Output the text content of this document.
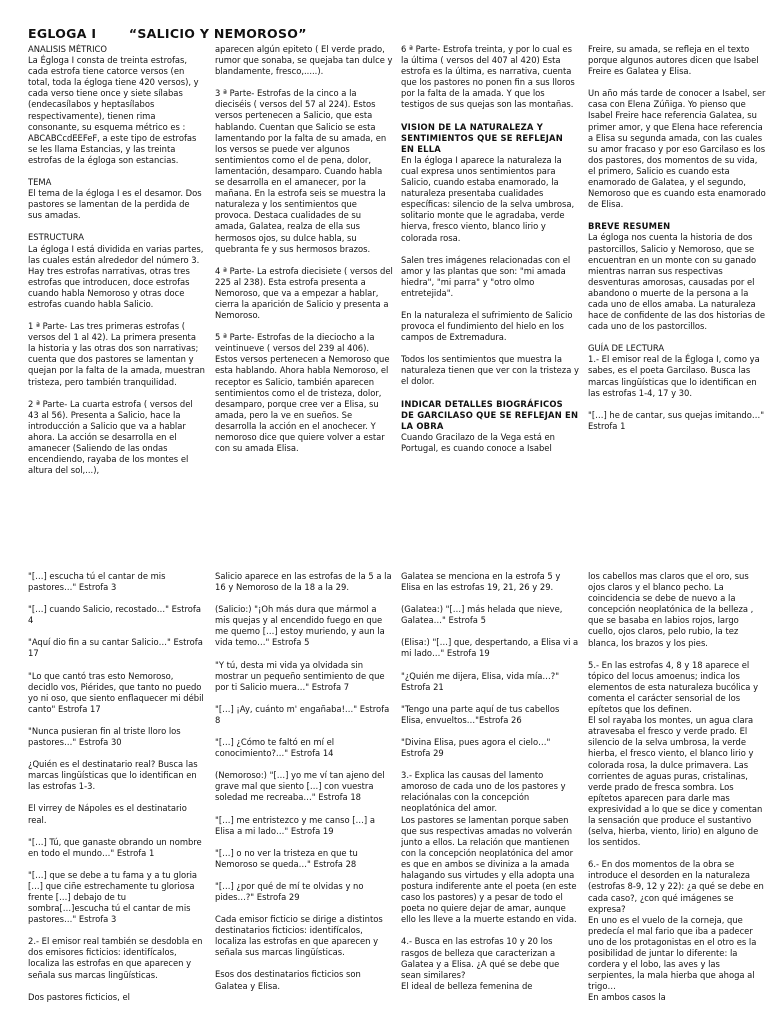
EGLOGA I       “SALICIO Y NEMOROSO”

ANALISIS MÉTRICO

La Égloga I consta de treinta estrofas, cada estrofa tiene catorce versos (en total, toda la égloga tiene 420 versos), y cada verso tiene once y siete sílabas (endecasílabos y heptasílabos respectivamente), tienen rima consonante, su esquema métrico es : ABCABCcdEEFeF, a este tipo de estrofas se les llama Estancias, y las treinta estrofas de la égloga son estancias.

TEMA

El tema de la égloga I es el desamor. Dos pastores se lamentan de la perdida de sus amadas.

ESTRUCTURA

La égloga I está dividida en varias partes, las cuales están alrededor del número 3. Hay tres estrofas narrativas, otras tres estrofas que introducen, doce estrofas cuando habla Nemoroso y otras doce estrofas cuando habla Salicio.

1 ª Parte- Las tres primeras estrofas ( versos del 1 al 42). La primera presenta la historia y las otras dos son narrativas; cuenta que dos pastores se lamentan y quejan por la falta de la amada, muestran tristeza, pero también tranquilidad.

2 ª Parte- La cuarta estrofa ( versos del 43 al 56). Presenta a Salicio, hace la introducción a Salicio que va a hablar ahora. La acción se desarrolla en el amanecer (Saliendo de las ondas encendiendo, rayaba de los montes el altura del sol,...),

aparecen algún epiteto ( El verde prado, rumor que sonaba, se quejaba tan dulce y blandamente, fresco,.....).

3 ª Parte- Estrofas de la cinco a la dieciséis ( versos del 57 al 224). Estos versos pertenecen a Salicio, que esta hablando. Cuentan que Salicio se esta lamentando por la falta de su amada, en los versos se puede ver algunos sentimientos como el de pena, dolor, lamentación, desamparo. Cuando habla se desarrolla en el amanecer, por la mañana. En la estrofa seis se muestra la naturaleza y los sentimientos que provoca. Destaca cualidades de su amada, Galatea, realza de ella sus hermosos ojos, su dulce habla, su quebranta fe y sus hermosos brazos.

4 ª Parte- La estrofa diecisiete ( versos del 225 al 238). Esta estrofa presenta a Nemoroso, que va a empezar a hablar, cierra la aparición de Salicio y presenta a Nemoroso.

5 ª Parte- Estrofas de la dieciocho a la veintinueve ( versos del 239 al 406). Estos versos pertenecen a Nemoroso que esta hablando. Ahora habla Nemoroso, el receptor es Salicio, también aparecen sentimientos como el de tristeza, dolor, desamparo, porque cree ver a Elisa, su amada, pero la ve en sueños. Se desarrolla la acción en el anochecer. Y nemoroso dice que quiere volver a estar con su amada Elisa.

6 ª Parte- Estrofa treinta, y por lo cual es la última ( versos del 407 al 420) Esta estrofa es la última, es narrativa, cuenta que los pastores no ponen fin a sus lloros por la falta de la amada. Y que los testigos de sus quejas son las montañas.

VISION DE LA NATURALEZA Y SENTIMIENTOS QUE SE REFLEJAN EN ELLA

En la égloga I aparece la naturaleza la cual expresa unos sentimientos para Salicio, cuando estaba enamorado, la naturaleza presentaba cualidades específicas: silencio de la selva umbrosa, solitario monte que le agradaba, verde hierva, fresco viento, blanco lirio y colorada rosa.

Salen tres imágenes relacionadas con el amor y las plantas que son: "mi amada hiedra", "mi parra" y "otro olmo entretejida".

En la naturaleza el sufrimiento de Salicio provoca el fundimiento del hielo en los campos de Extremadura.

Todos los sentimientos que muestra la naturaleza tienen que ver con la tristeza y el dolor.

INDICAR DETALLES BIOGRÁFICOS DE GARCILASO QUE SE REFLEJAN EN LA OBRA

Cuando Gracilazo de la Vega está en Portugal, es cuando conoce a Isabel

Freire, su amada, se refleja en el texto porque algunos autores dicen que Isabel Freire es Galatea y Elisa.

Un año más tarde de conocer a Isabel, ser casa con Elena Zúñiga. Yo pienso que Isabel Freire hace referencia Galatea, su primer amor, y que Elena hace referencia a Elisa su segunda amada, con las cuales su amor fracaso y por eso Garcilaso es los dos pastores, dos momentos de su vida, el primero, Salicio es cuando esta enamorado de Galatea, y el segundo, Nemoroso que es cuando esta enamorado de Elisa.

BREVE RESUMEN

La égloga nos cuenta la historia de dos pastorcillos, Salicio y Nemoroso, que se encuentran en un monte con su ganado mientras narran sus respectivas desventuras amorosas, causadas por el abandono o muerte de la persona a la cada uno de ellos amaba. La naturaleza hace de confidente de las dos historias de cada uno de los pastorcillos.

GUÍA DE LECTURA

1.- El emisor real de la Égloga I, como ya sabes, es el poeta Garcilaso. Busca las marcas lingüísticas que lo identifican en las estrofas 1-4, 17 y 30.

"[…] he de cantar, sus quejas imitando…" Estrofa 1

"[…] escucha tú el cantar de mis pastores…" Estrofa 3

"[…] cuando Salicio, recostado…" Estrofa 4

"Aquí dio fin a su cantar Salicio…" Estrofa 17

"Lo que cantó tras esto Nemoroso, decidlo vos, Piérides, que tanto no puedo yo ni oso, que siento enflaquecer mi débil canto" Estrofa 17

"Nunca pusieran fin al triste lloro los pastores…" Estrofa 30

¿Quién es el destinatario real? Busca las marcas lingüísticas que lo identifican en las estrofas 1-3.

El virrey de Nápoles es el destinatario real.

"[…] Tú, que ganaste obrando un nombre en todo el mundo…" Estrofa 1

"[…] que se debe a tu fama y a tu gloria […] que ciñe estrechamente tu gloriosa frente […] debajo de tu sombra[…]escucha tú el cantar de mis pastores…" Estrofa 3

2.- El emisor real también se desdobla en dos emisores ficticios: identifícalos, localiza las estrofas en que aparecen y señala sus marcas lingüísticas.

Dos pastores ficticios, el

Salicio aparece en las estrofas de la 5 a la 16 y Nemoroso de la 18 a la 29.

(Salicio:) "¡Oh más dura que mármol a mis quejas y al encendido fuego en que me quemo […] estoy muriendo, y aun la vida temo…" Estrofa 5

"Y tú, desta mi vida ya olvidada sin mostrar un pequeño sentimiento de que por ti Salicio muera…" Estrofa 7

"[…] ¡Ay, cuánto m' engañaba!…" Estrofa 8

"[…] ¿Cómo te faltó en mí el conocimiento?…" Estrofa 14

(Nemoroso:) "[…] yo me ví tan ajeno del grave mal que siento […] con vuestra soledad me recreaba…" Estrofa 18

"[…] me entristezco y me canso […] a Elisa a mi lado…" Estrofa 19

"[…] o no ver la tristeza en que tu Nemoroso se queda…" Estrofa 28

"[…] ¿por qué de mí te olvidas y no pides…?" Estrofa 29

Cada emisor ficticio se dirige a distintos destinatarios ficticios: identifícalos, localiza las estrofas en que aparecen y señala sus marcas lingüísticas.

Esos dos destinatarios ficticios son Galatea y Elisa.

Galatea se menciona en la estrofa 5 y Elisa en las estrofas 19, 21, 26 y 29.

(Galatea:) "[…] más helada que nieve, Galatea…" Estrofa 5

(Elisa:) "[…] que, despertando, a Elisa vi a mi lado…" Estrofa 19

"¿Quién me dijera, Elisa, vida mía…?" Estrofa 21

"Tengo una parte aquí de tus cabellos Elisa, envueltos…"Estrofa 26

"Divina Elisa, pues agora el cielo…" Estrofa 29

3.- Explica las causas del lamento amoroso de cada uno de los pastores y relaciónalas con la concepción neoplatónica del amor.
Los pastores se lamentan porque saben que sus respectivas amadas no volverán junto a ellos. La relación que mantienen con la concepción neoplatónica del amor es que en ambos se diviniza a la amada halagando sus virtudes y ella adopta una postura indiferente ante el poeta (en este caso los pastores) y a pesar de todo el poeta no quiere dejar de amar, aunque ello les lleve a la muerte estando en vida.

4.- Busca en las estrofas 10 y 20 los rasgos de belleza que caracterizan a Galatea y a Elisa. ¿A qué se debe que sean similares?
El ideal de belleza femenina de

los cabellos mas claros que el oro, sus ojos claros y el blanco pecho. La coincidencia se debe de nuevo a la concepción neoplatónica de la belleza , que se basaba en labios rojos, largo cuello, ojos claros, pelo rubio, la tez blanca, los brazos y los pies.

5.- En las estrofas 4, 8 y 18 aparece el tópico del locus amoenus; indica los elementos de esta naturaleza bucólica y comenta el carácter sensorial de los epítetos que los definen.
El sol rayaba los montes, un agua clara atravesaba el fresco y verde prado. El silencio de la selva umbrosa, la verde hierba, el fresco viento, el blanco lirio y colorada rosa, la dulce primavera. Las corrientes de aguas puras, cristalinas, verde prado de fresca sombra. Los epítetos aparecen para darle mas expresividad a lo que se dice y comentan la sensación que produce el sustantivo (selva, hierba, viento, lirio) en alguno de los sentidos.

6.- En dos momentos de la obra se introduce el desorden en la naturaleza (estrofas 8-9, 12 y 22): ¿a qué se debe en cada caso?, ¿con qué imágenes se expresa?
En uno es el vuelo de la corneja, que predecía el mal fario que iba a padecer uno de los protagonistas en el otro es la posibilidad de juntar lo diferente: la cordera y el lobo, las aves y las serpientes, la mala hierba que ahoga al trigo…
En ambos casos la
